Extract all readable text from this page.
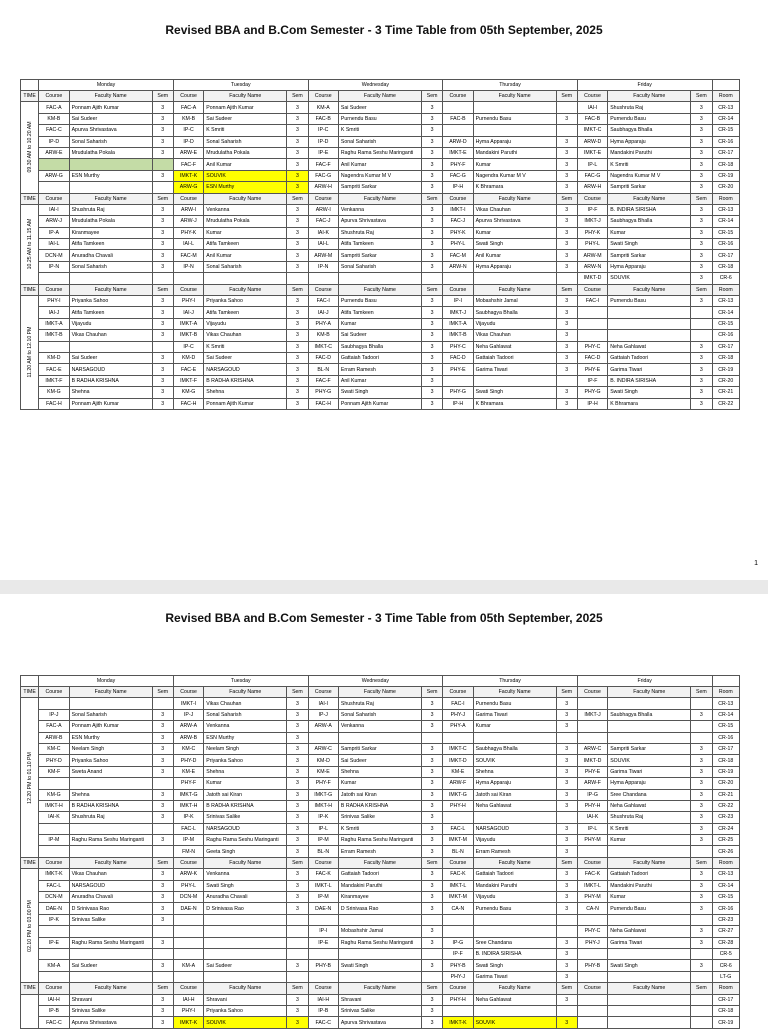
Revised BBA and B.Com Semester - 3 Time Table from 05th September, 2025
	Monday			Tuesday			Wednesday			Thursday			Friday			
TIME	Course	Faculty Name	Sem	Course	Faculty Name	Sem	Course	Faculty Name	Sem	Course	Faculty Name	Sem	Course	Faculty Name	Sem	Room

09.30 AM to 10.20 AM	FAC-A	Ponnam Ajith Kumar	3	FAC-A	Ponnam Ajith Kumar	3	KM-A	Sai Sudeer	3				IAI-I	Shushruta Raj	3	CR-13
	KM-B	Sai Sudeer	3	KM-B	Sai Sudeer	3	FAC-B	Purnendu Basu	3	FAC-B	Purnendu Basu	3	FAC-B	Purnendu Basu	3	CR-14
	FAC-C	Apurva Shrivastava	3	IP-C	K Smriti	3	IP-C	K Smriti	3				IMKT-C	Saubhagya Bhalla	3	CR-15
	IP-D	Sonal Saharish	3	IP-D	Sonal Saharish	3	IP-D	Sonal Saharish	3	ARW-D	Hyma Apparaju	3	ARW-D	Hyma Apparaju	3	CR-16
	ARW-E	Mrudulatha Pokala	3	ARW-E	Mrudulatha Pokala	3	IP-E	Raghu Rama Seshu Maringanti	3	IMKT-E	Mandakini Paruthi	3	IMKT-E	Mandakini Paruthi	3	CR-17
				FAC-F	Anil Kumar	3	FAC-F	Anil Kumar	3	PHY-F	Kumar	3	IP-L	K Smriti	3	CR-18
	ARW-G	ESN Murthy	3	IMKT-K	SOUVIK	3	FAC-G	Nagendra Kumar M V	3	FAC-G	Nagendra Kumar M V	3	FAC-G	Nagendra Kumar M V	3	CR-19
				ARW-G	ESN Murthy	3	ARW-H	Sampriti Sarkar	3	IP-H	K Bhramara	3	ARW-H	Sampriti Sarkar	3	CR-20
TIME	Course	Faculty Name	Sem	Course	Faculty Name	Sem	Course	Faculty Name	Sem	Course	Faculty Name	Sem	Course	Faculty Name	Sem	Room

10.25 AM to 11.15 AM	IAI-I	Shushruta Raj	3	ARW-I	Venkanna	3	ARW-I	Venkanna	3	IMKT-I	Vikas Chauhan	3	IP-F	B. INDIRA SIRISHA	3	CR-13
	ARW-J	Mrudulatha Pokala	3	ARW-J	Mrudulatha Pokala	3	FAC-J	Apurva Shrivastava	3	FAC-J	Apurva Shrivastava	3	IMKT-J	Saubhagya Bhalla	3	CR-14
	IP-A	Kiranmayee	3	PHY-K	Kumar	3	IAI-K	Shushruta Raj	3	PHY-K	Kumar	3	PHY-K	Kumar	3	CR-15
	IAI-L	Atifa Tamkeen	3	IAI-L	Atifa Tamkeen	3	IAI-L	Atifa Tamkeen	3	PHY-L	Swati Singh	3	PHY-L	Swati Singh	3	CR-16
	DCN-M	Anuradha Chavali	3	FAC-M	Anil Kumar	3	ARW-M	Sampriti Sarkar	3	FAC-M	Anil Kumar	3	ARW-M	Sampriti Sarkar	3	CR-17
	IP-N	Sonal Saharish	3	IP-N	Sonal Saharish	3	IP-N	Sonal Saharish	3	ARW-N	Hyma Apparaju	3	ARW-N	Hyma Apparaju	3	CR-18
													IMKT-D	SOUVIK	3	CR-6
TIME	Course	Faculty Name	Sem	Course	Faculty Name	Sem	Course	Faculty Name	Sem	Course	Faculty Name	Sem	Course	Faculty Name	Sem	Room

11.20 AM to 12.10 PM	PHY-I	Priyanka Sahoo	3	PHY-I	Priyanka Sahoo	3	FAC-I	Purnendu Basu	3	IP-I	Mobashshir Jamal	3	FAC-I	Purnendu Basu	3	CR-13
	IAI-J	Atifa Tamkeen	3	IAI-J	Atifa Tamkeen	3	IAI-J	Atifa Tamkeen	3	IMKT-J	Saubhagya Bhalla	3				CR-14
	IMKT-A	Vijayudu	3	IMKT-A	Vijayudu	3	PHY-A	Kumar	3	IMKT-A	Vijayudu	3				CR-15
	IMKT-B	Vikas Chauhan	3	IMKT-B	Vikas Chauhan	3	KM-B	Sai Sudeer	3	IMKT-B	Vikas Chauhan	3				CR-16
				IP-C	K Smriti	3	IMKT-C	Saubhagya Bhalla	3	PHY-C	Neha Gahlawat	3	PHY-C	Neha Gahlawat	3	CR-17
	KM-D	Sai Sudeer	3	KM-D	Sai Sudeer	3	FAC-D	Gattaiah Tadoori	3	FAC-D	Gattaiah Tadoori	3	FAC-D	Gattaiah Tadoori	3	CR-18
	FAC-E	NARSAGOUD	3	FAC-E	NARSAGOUD	3	BL-N	Erram Ramesh	3	PHY-E	Garima Tiwari	3	PHY-E	Garima Tiwari	3	CR-19
	IMKT-F	B RADHA KRISHNA	3	IMKT-F	B RADHA KRISHNA	3	FAC-F	Anil Kumar	3				IP-F	B. INDIRA SIRISHA	3	CR-20
	KM-G	Shehna	3	KM-G	Shehna	3	PHY-G	Swati Singh	3	PHY-G	Swati Singh	3	PHY-G	Swati Singh	3	CR-21
	FAC-H	Ponnam Ajith Kumar	3	FAC-H	Ponnam Ajith Kumar	3	FAC-H	Ponnam Ajith Kumar	3	IP-H	K Bhramara	3	IP-H	K Bhramara	3	CR-22
1
Revised BBA and B.Com Semester - 3 Time Table from 05th September, 2025
	Monday			Tuesday			Wednesday			Thursday			Friday			
TIME	Course	Faculty Name	Sem	Course	Faculty Name	Sem	Course	Faculty Name	Sem	Course	Faculty Name	Sem	Course	Faculty Name	Sem	Room

12.20 PM to 01.10 PM				IMKT-I	Vikas Chauhan	3	IAI-I	Shushruta Raj	3	FAC-I	Purnendu Basu	3				CR-13
	IP-J	Sonal Saharish	3	IP-J	Sonal Saharish	3	IP-J	Sonal Saharish	3	PHY-J	Garima Tiwari	3	IMKT-J	Saubhagya Bhalla	3	CR-14
	FAC-A	Ponnam Ajith Kumar	3	ARW-A	Venkanna	3	ARW-A	Venkanna	3	PHY-A	Kumar	3				CR-15
	ARW-B	ESN Murthy	3	ARW-B	ESN Murthy	3										CR-16
	KM-C	Neelam Singh	3	KM-C	Neelam Singh	3	ARW-C	Sampriti Sarkar	3	IMKT-C	Saubhagya Bhalla	3	ARW-C	Sampriti Sarkar	3	CR-17
	PHY-D	Priyanka Sahoo	3	PHY-D	Priyanka Sahoo	3	KM-D	Sai Sudeer	3	IMKT-D	SOUVIK	3	IMKT-D	SOUVIK	3	CR-18
	KM-F	Sweta Anand	3	KM-E	Shehna	3	KM-E	Shehna	3	KM-E	Shehna	3	PHY-E	Garima Tiwari	3	CR-19
				PHY-F	Kumar	3	PHY-F	Kumar	3	ARW-F	Hyma Apparaju	3	ARW-F	Hyma Apparaju	3	CR-20
	KM-G	Shehna	3	IMKT-G	Jatoth sai Kiran	3	IMKT-G	Jatoth sai Kiran	3	IMKT-G	Jatoth sai Kiran	3	IP-G	Sree Chandana	3	CR-21
	IMKT-H	B RADHA KRISHNA	3	IMKT-H	B RADHA KRISHNA	3	IMKT-H	B RADHA KRISHNA	3	PHY-H	Neha Gahlawat	3	PHY-H	Neha Gahlawat	3	CR-22
	IAI-K	Shushruta Raj	3	IP-K	Srinivas Salike	3	IP-K	Srinivas Salike	3				IAI-K	Shushruta Raj	3	CR-23
				FAC-L	NARSAGOUD	3	IP-L	K Smriti	3	FAC-L	NARSAGOUD	3	IP-L	K Smriti	3	CR-24
	IP-M	Raghu Rama Seshu Maringanti	3	IP-M	Raghu Rama Seshu Maringanti	3	IP-M	Raghu Rama Seshu Maringanti	3	IMKT-M	Vijayudu	3	PHY-M	Kumar	3	CR-25
				FM-N	Geeta Singh	3	BL-N	Erram Ramesh	3	BL-N	Erram Ramesh	3				CR-26
TIME	Course	Faculty Name	Sem	Course	Faculty Name	Sem	Course	Faculty Name	Sem	Course	Faculty Name	Sem	Course	Faculty Name	Sem	Room

02.10 PM to 03.00 PM	IMKT-K	Vikas Chauhan	3	ARW-K	Venkanna	3	FAC-K	Gattaiah Tadoori	3	FAC-K	Gattaiah Tadoori	3	FAC-K	Gattaiah Tadoori	3	CR-13
	FAC-L	NARSAGOUD	3	PHY-L	Swati Singh	3	IMKT-L	Mandakini Paruthi	3	IMKT-L	Mandakini Paruthi	3	IMKT-L	Mandakini Paruthi	3	CR-14
	DCN-M	Anuradha Chavali	3	DCN-M	Anuradha Chavali	3	IP-M	Kiranmayee	3	IMKT-M	Vijayudu	3	PHY-M	Kumar	3	CR-15
	DAE-N	D Srinivasa Rao	3	DAE-N	D Srinivasa Rao	3	DAE-N	D Srinivasa Rao	3	CA-N	Purnendu Basu	3	CA-N	Purnendu Basu	3	CR-16
	IP-K	Srinivas Salike	3													CR-23
							IP-I	Mobashshir Jamal	3				PHY-C	Neha Gahlawat	3	CR-27
	IP-E	Raghu Rama Seshu Maringanti	3				IP-E	Raghu Rama Seshu Maringanti	3	IP-G	Sree Chandana	3	PHY-J	Garima Tiwari	3	CR-28
										IP-F	B. INDIRA SIRISHA	3				CR-5
	KM-A	Sai Sudeer	3	KM-A	Sai Sudeer	3	PHY-B	Swati Singh	3	PHY-B	Swati Singh	3	PHY-B	Swati Singh	3	CR-6
										PHY-J	Garima Tiwari	3				LT-G
TIME	Course	Faculty Name	Sem	Course	Faculty Name	Sem	Course	Faculty Name	Sem	Course	Faculty Name	Sem	Course	Faculty Name	Sem	Room

	IAI-H	Shravani	3	IAI-H	Shravani	3	IAI-H	Shravani	3	PHY-H	Neha Gahlawat	3				CR-17
	IP-B	Srinivas Salike	3	PHY-I	Priyanka Sahoo	3	IP-B	Srinivas Salike	3							CR-18
	FAC-C	Apurva Shrivastava	3	IMKT-K	SOUVIK	3	FAC-C	Apurva Shrivastava	3	IMKT-K	SOUVIK	3				CR-19
